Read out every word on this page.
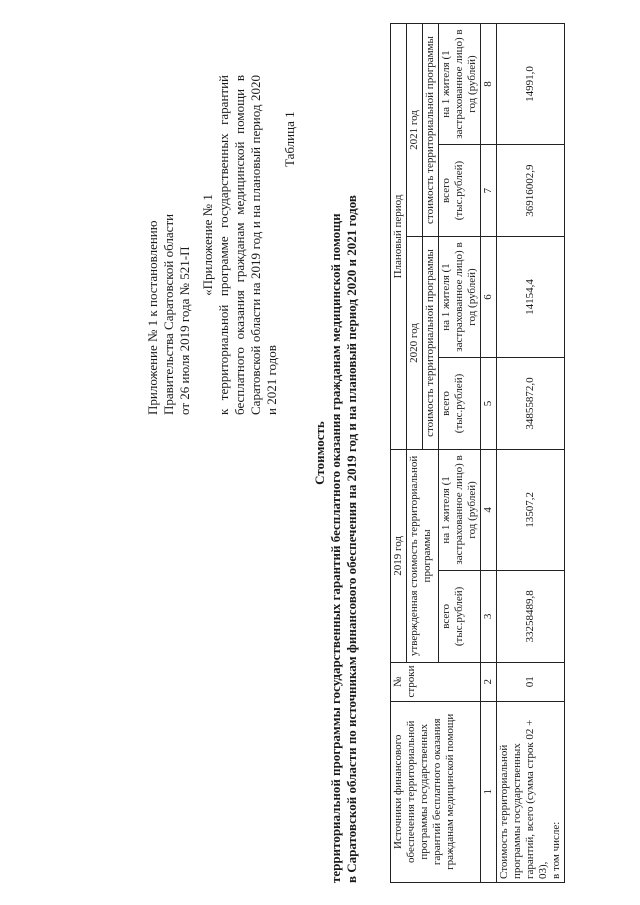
Приложение № 1 к постановлению Правительства Саратовской области от 26 июля 2019 года № 521-П
«Приложение № 1 к территориальной программе государственных гарантий бесплатного оказания гражданам медицинской помощи в Саратовской области на 2019 год и на плановый период 2020 и 2021 годов
Таблица 1
Стоимость территориальной программы государственных гарантий бесплатного оказания гражданам медицинской помощи в Саратовской области по источникам финансового обеспечения на 2019 год и на плановый период 2020 и 2021 годов	Источники финансового обеспечения территориальной программы государственных гарантий бесплатного оказания гражданам медицинской помощи	№ строки	2019 год		Плановый период			
		утвержденная стоимость территориальной программы		2020 год		2021 год	
				стоимость территориальной программы		стоимость территориальной программы	
		всего (тыс.рублей)	на 1 жителя (1 застрахованное лицо) в год (рублей)	всего (тыс.рублей)	на 1 жителя (1 застрахованное лицо) в год (рублей)	всего (тыс.рублей)	на 1 жителя (1 застрахованное лицо) в год (рублей)
1	2	3	4	5	6	7	8
Стоимость территориальной программы государственных гарантий, всего (сумма строк 02 + 03),
в том числе:	01	33258489,8	13507,2	34855872,0	14154,4	36916002,9	14991,0
